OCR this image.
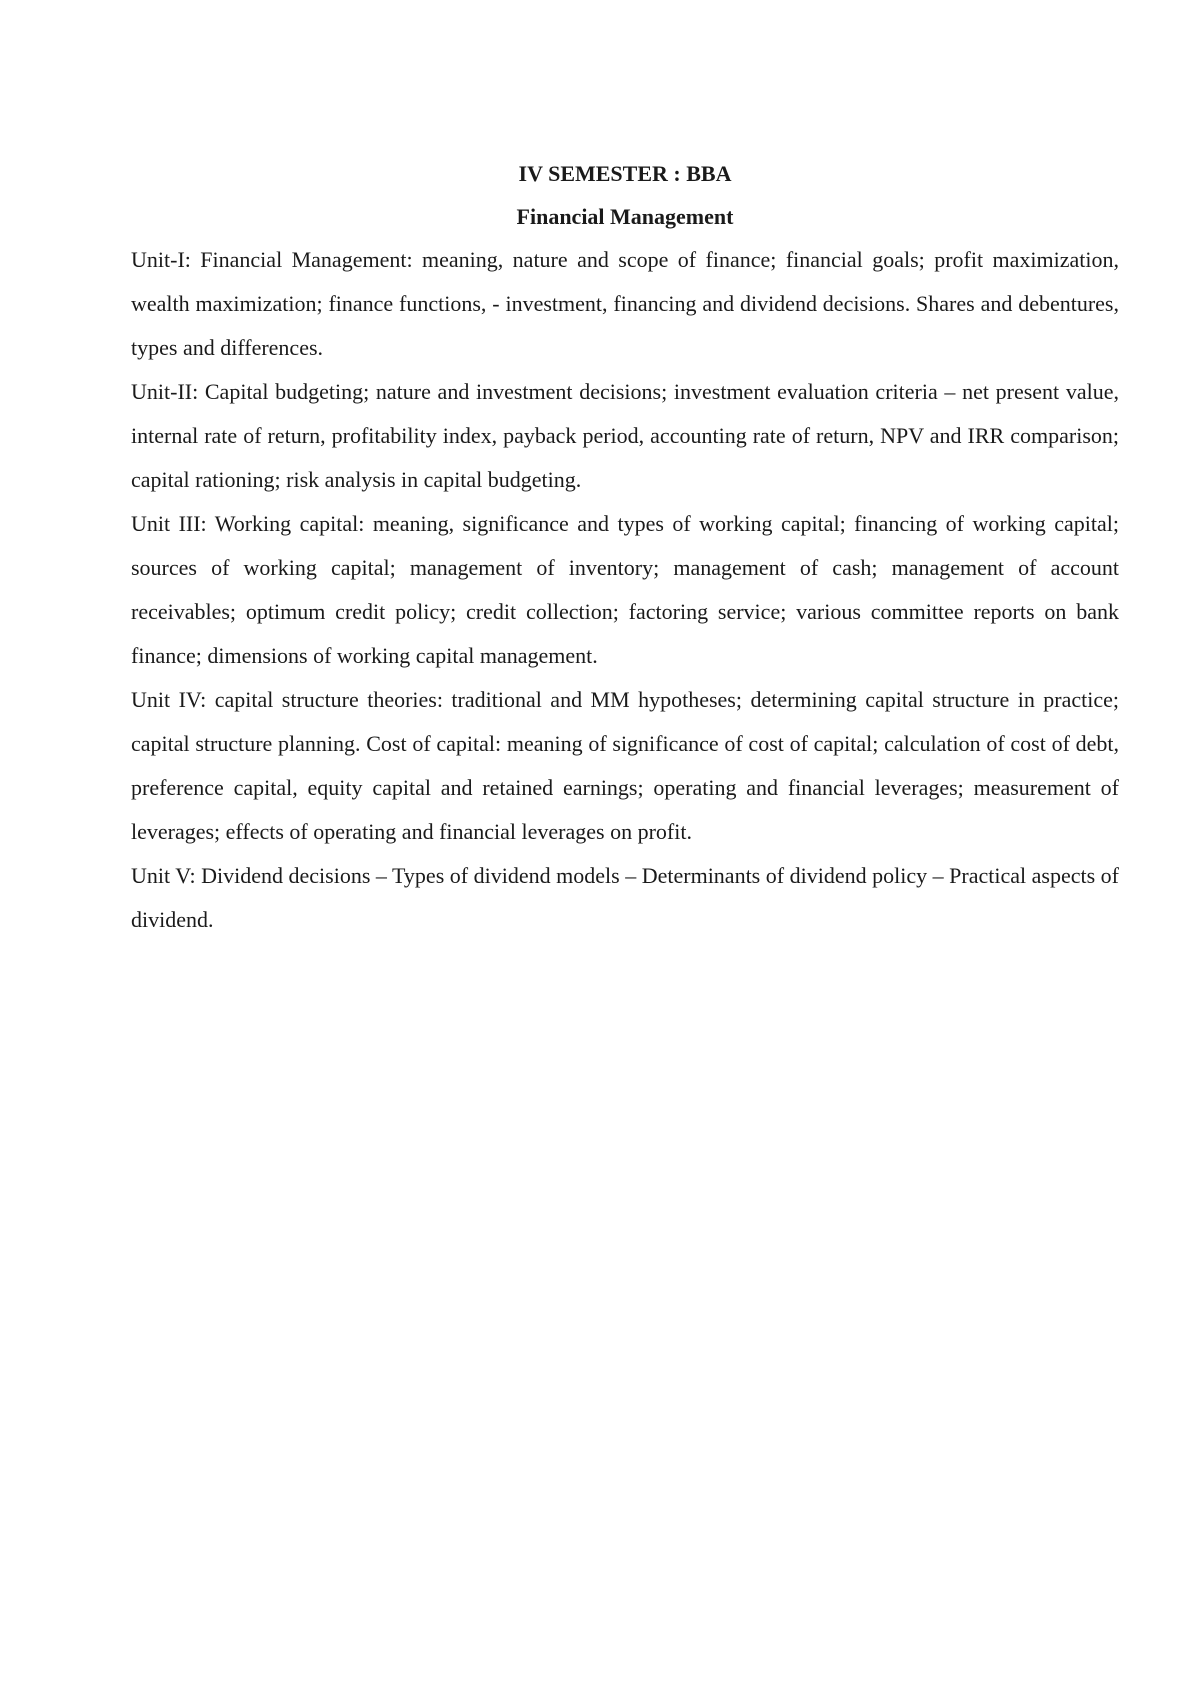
IV SEMESTER : BBA

Financial Management

Unit-I: Financial Management: meaning, nature and scope of finance; financial goals; profit maximization, wealth maximization; finance functions, - investment, financing and dividend decisions. Shares and debentures, types and differences.

Unit-II: Capital budgeting; nature and investment decisions; investment evaluation criteria – net present value, internal rate of return, profitability index, payback period, accounting rate of return, NPV and IRR comparison; capital rationing; risk analysis in capital budgeting.

Unit III: Working capital: meaning, significance and types of working capital; financing of working capital; sources of working capital; management of inventory; management of cash; management of account receivables; optimum credit policy; credit collection; factoring service; various committee reports on bank finance; dimensions of working capital management.

Unit IV: capital structure theories: traditional and MM hypotheses; determining capital structure in practice; capital structure planning. Cost of capital: meaning of significance of cost of capital; calculation of cost of debt, preference capital, equity capital and retained earnings; operating and financial leverages; measurement of leverages; effects of operating and financial leverages on profit.

Unit V: Dividend decisions – Types of dividend models – Determinants of dividend policy – Practical aspects of dividend.
